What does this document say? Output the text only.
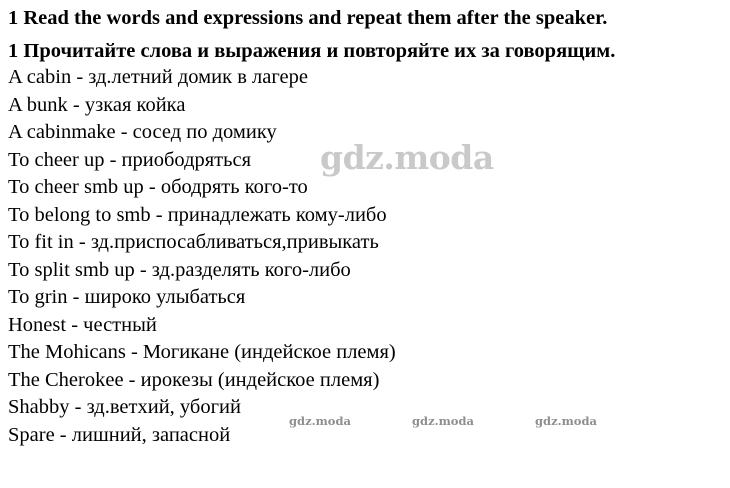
1 Read the words and expressions and repeat them after the speaker.
1 Прочитайте слова и выражения и повторяйте их за говорящим.
A cabin - зд.летний домик в лагере
A bunk - узкая койка
A cabinmake - сосед по домику
To cheer up - приободряться
To cheer smb up - ободрять кого-то
To belong to smb - принадлежать кому-либо
To fit in - зд.приспосабливаться,привыкать
To split smb up - зд.разделять кого-либо
To grin - широко улыбаться
Honest - честный
The Mohicans - Могикане (индейское племя)
The Cherokee - ирокезы (индейское племя)
Shabby - зд.ветхий, убогий
Spare - лишний, запасной
gdz.moda
gdz.moda	gdz.moda	gdz.moda
